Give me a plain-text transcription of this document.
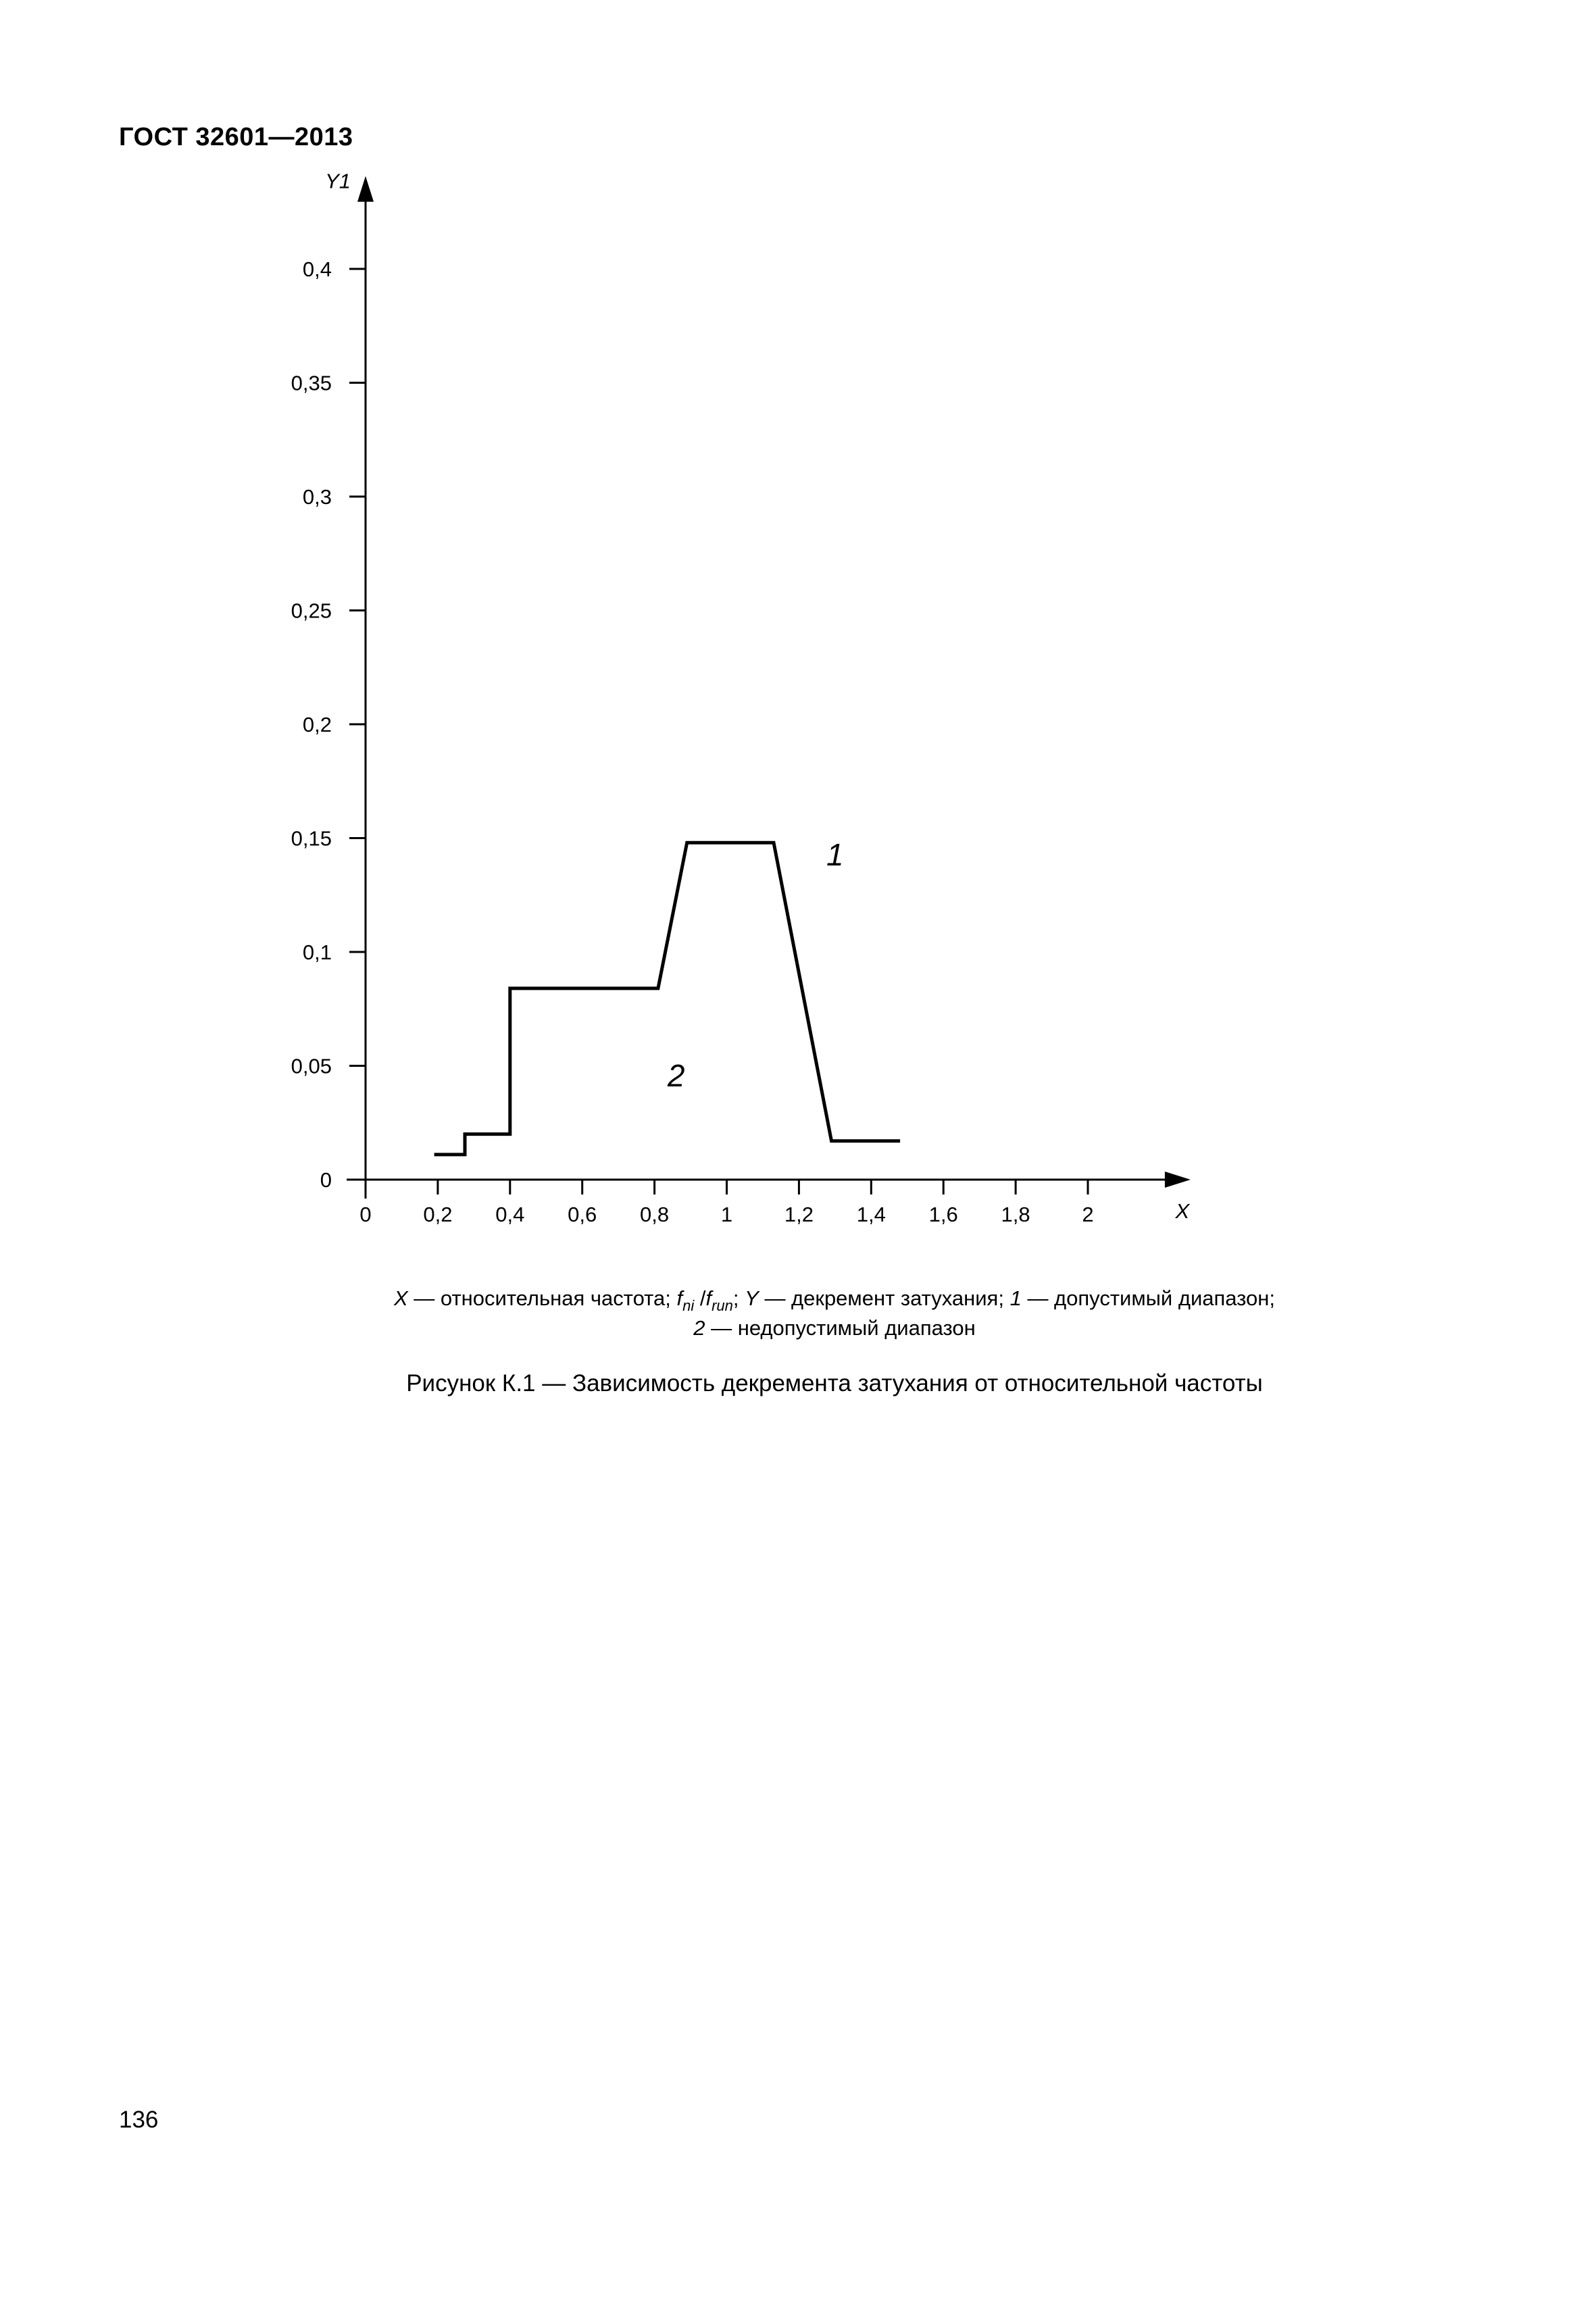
ГОСТ 32601—2013
Y1
X
0
0,05
0,1
0,15
0,2
0,25
0,3
0,35
0,4
0 0,2 0,4 0,6 0,8 1 1,2 1,4 1,6 1,8 2
1
2
X — относительная частота; $f_{ni}$ $/f_{run}$; Y — декремент затухания; 1 — допустимый диапазон;
2 — недопустимый диапазон
Рисунок К.1 — Зависимость декремента затухания от относительной частоты
136
